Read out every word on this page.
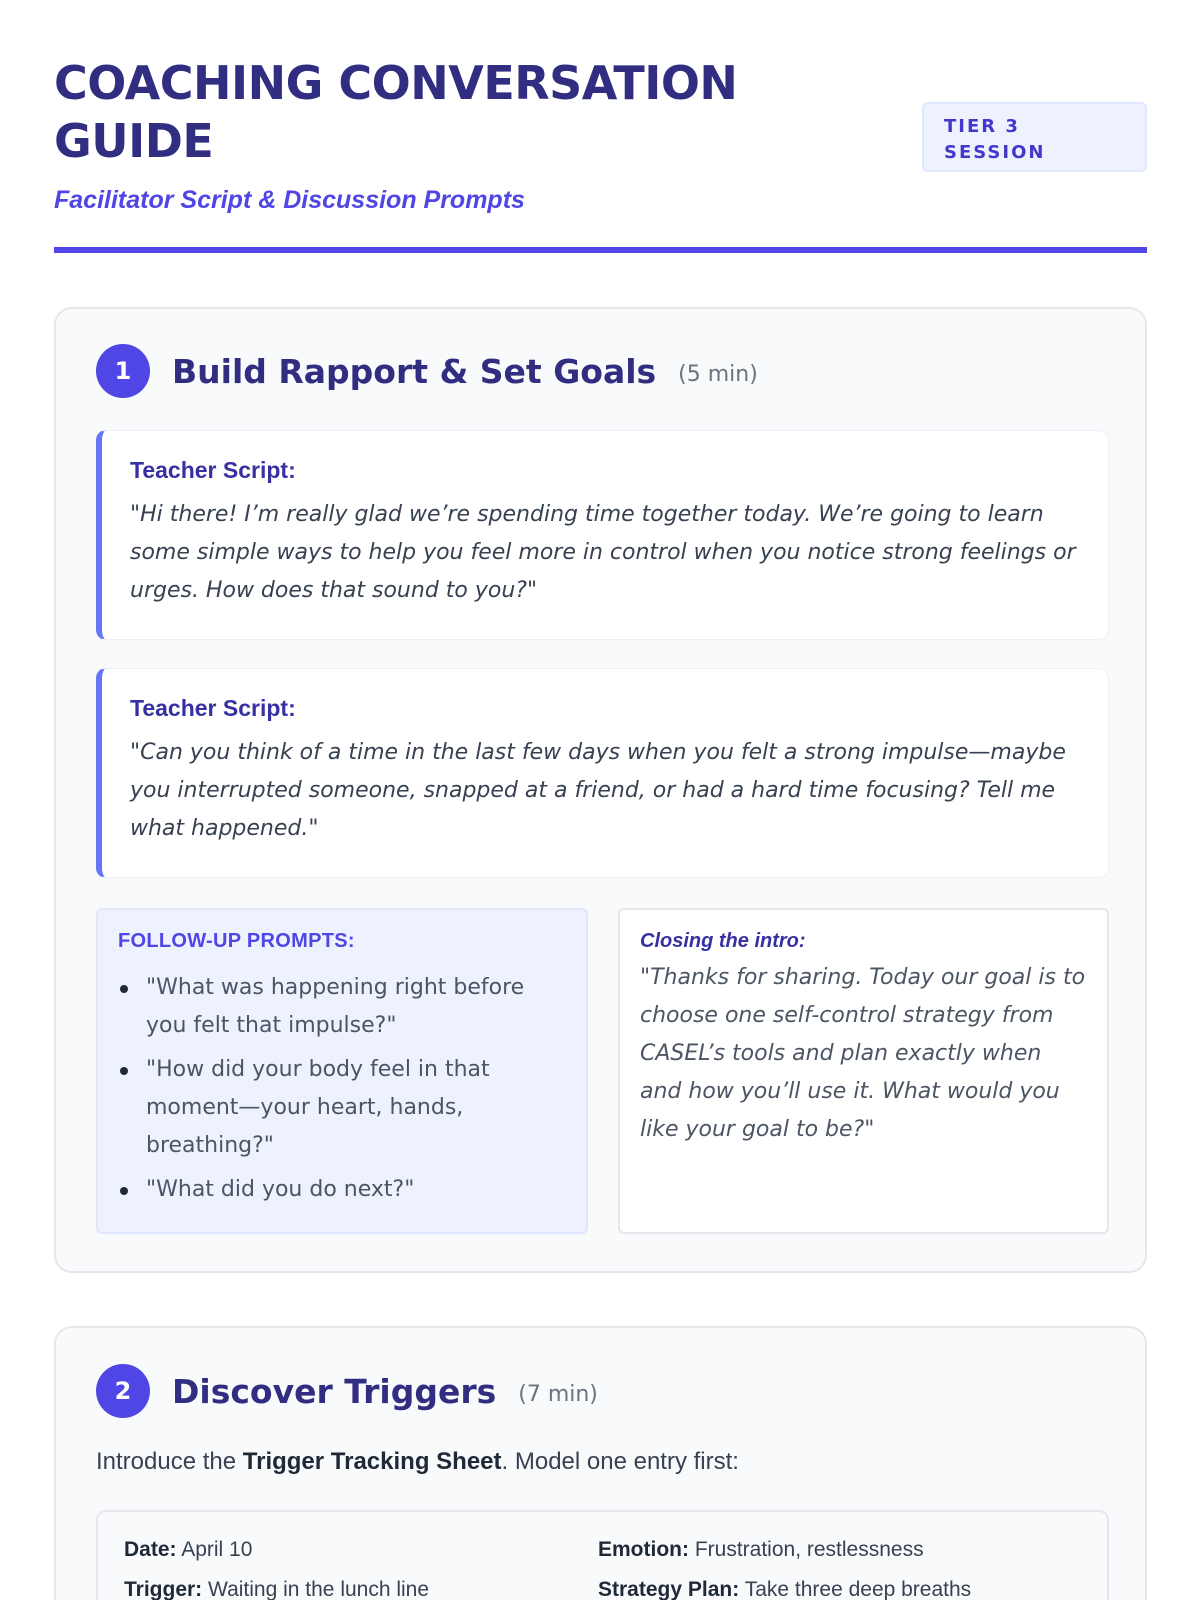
COACHING CONVERSATION GUIDE
Facilitator Script & Discussion Prompts
TIER 3 SESSION
1	Build Rapport & Set Goals (5 min)
Teacher Script:
"Hi there! I’m really glad we’re spending time together today. We’re going to learn some simple ways to help you feel more in control when you notice strong feelings or urges. How does that sound to you?"
Teacher Script:
"Can you think of a time in the last few days when you felt a strong impulse—maybe you interrupted someone, snapped at a friend, or had a hard time focusing? Tell me what happened."
FOLLOW-UP PROMPTS:
"What was happening right before you felt that impulse?"
"How did your body feel in that moment—your heart, hands, breathing?"
"What did you do next?"
Closing the intro:
"Thanks for sharing. Today our goal is to choose one self-control strategy from CASEL’s tools and plan exactly when and how you’ll use it. What would you like your goal to be?"
2	Discover Triggers (7 min)
Introduce the Trigger Tracking Sheet. Model one entry first:
Date: April 10	Emotion: Frustration, restlessness
Trigger: Waiting in the lunch line	Strategy Plan: Take three deep breaths
